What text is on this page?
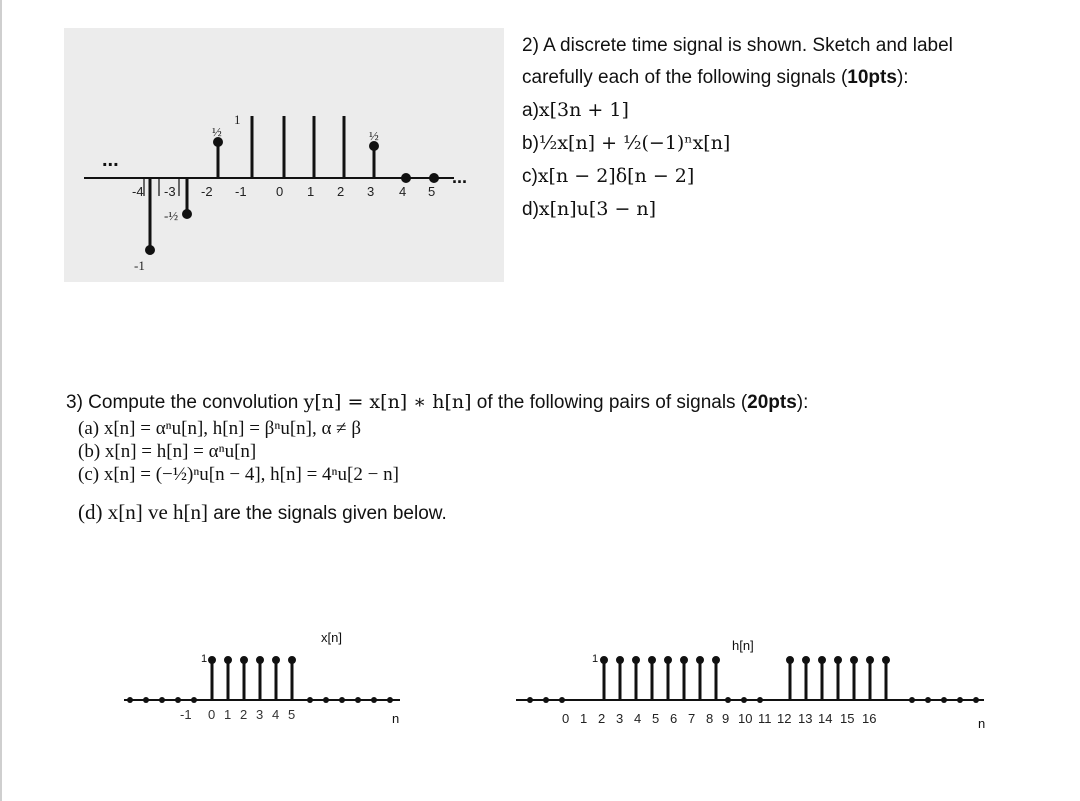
...
...
-4 -3 -2 -1 0 1 2 3 4 5
½
1
½
-½
-1
2) A discrete time signal is shown. Sketch and label
carefully each of the following signals (10pts):
a)x[3n + 1]
b)½x[n] + ½(−1)ⁿx[n]
c)x[n − 2]δ[n − 2]
d)x[n]u[3 − n]
3) Compute the convolution y[n] = x[n] ∗ h[n] of the following pairs of signals (20pts):
(a) x[n] = αⁿu[n], h[n] = βⁿu[n], α ≠ β
(b) x[n] = h[n] = αⁿu[n]
(c) x[n] = (−½)ⁿu[n − 4], h[n] = 4ⁿu[2 − n]
(d) x[n] ve h[n] are the signals given below.
x[n]
1
-1 0 1 2 3 4 5	n
h[n]
1
0 1 2 3 4 5 6 7 8 9 10 11 12 13 14 15 16	n
